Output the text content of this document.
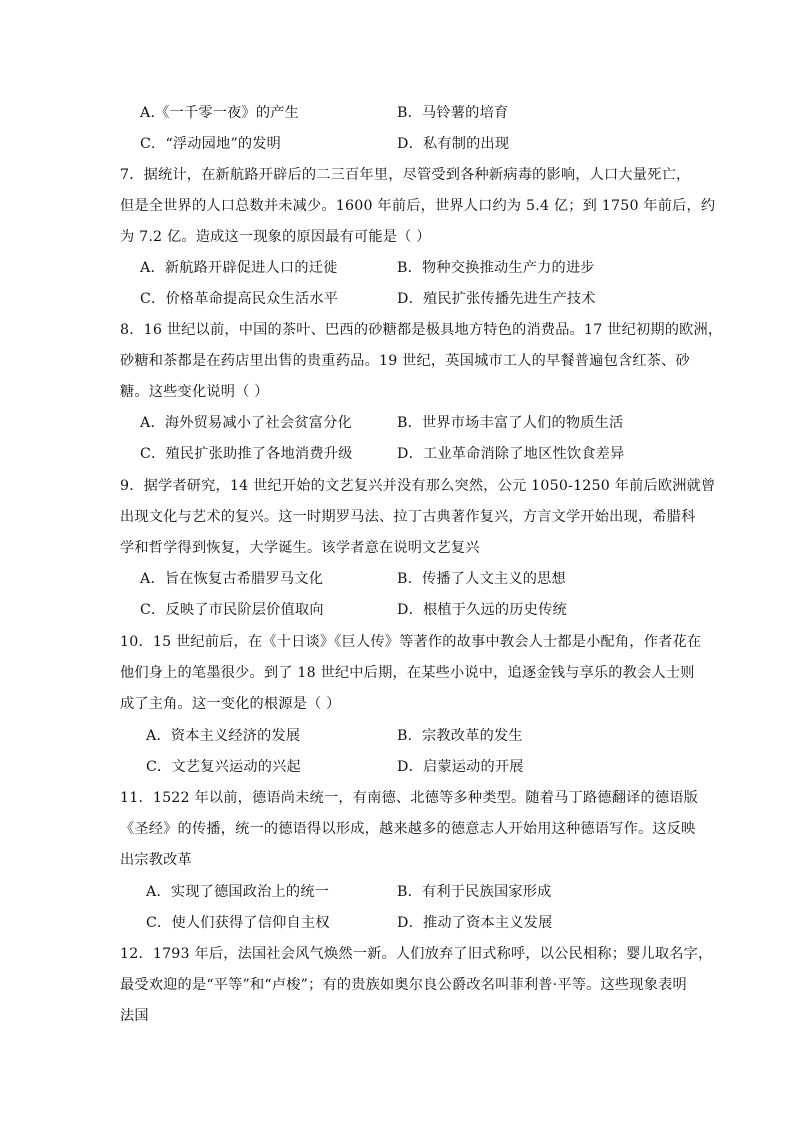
A.《一千零一夜》的产生	B．马铃薯的培育
C．“浮动园地”的发明	D．私有制的出现
7．据统计，在新航路开辟后的二三百年里，尽管受到各种新病毒的影响，人口大量死亡，
但是全世界的人口总数并未减少。1600 年前后，世界人口约为 5.4 亿；到 1750 年前后，约
为 7.2 亿。造成这一现象的原因最有可能是（ ）
A．新航路开辟促进人口的迁徙	B．物种交换推动生产力的进步
C．价格革命提高民众生活水平	D．殖民扩张传播先进生产技术
8．16 世纪以前，中国的茶叶、巴西的砂糖都是极具地方特色的消费品。17 世纪初期的欧洲，
砂糖和茶都是在药店里出售的贵重药品。19 世纪，英国城市工人的早餐普遍包含红茶、砂
糖。这些变化说明（ ）
A．海外贸易减小了社会贫富分化	B．世界市场丰富了人们的物质生活
C．殖民扩张助推了各地消费升级	D．工业革命消除了地区性饮食差异
9．据学者研究，14 世纪开始的文艺复兴并没有那么突然，公元 1050-1250 年前后欧洲就曾
出现文化与艺术的复兴。这一时期罗马法、拉丁古典著作复兴，方言文学开始出现，希腊科
学和哲学得到恢复，大学诞生。该学者意在说明文艺复兴
A．旨在恢复古希腊罗马文化	B．传播了人文主义的思想
C．反映了市民阶层价值取向	D．根植于久远的历史传统
10．15 世纪前后，在《十日谈》《巨人传》等著作的故事中教会人士都是小配角，作者花在
他们身上的笔墨很少。到了 18 世纪中后期，在某些小说中，追逐金钱与享乐的教会人士则
成了主角。这一变化的根源是（ ）
A．资本主义经济的发展	B．宗教改革的发生
C．文艺复兴运动的兴起	D．启蒙运动的开展
11．1522 年以前，德语尚未统一，有南德、北德等多种类型。随着马丁路德翻译的德语版
《圣经》的传播，统一的德语得以形成，越来越多的德意志人开始用这种德语写作。这反映
出宗教改革
A．实现了德国政治上的统一	B．有利于民族国家形成
C．使人们获得了信仰自主权	D．推动了资本主义发展
12．1793 年后，法国社会风气焕然一新。人们放弃了旧式称呼，以公民相称；婴儿取名字，
最受欢迎的是“平等”和“卢梭”；有的贵族如奥尔良公爵改名叫菲利普·平等。这些现象表明
法国
